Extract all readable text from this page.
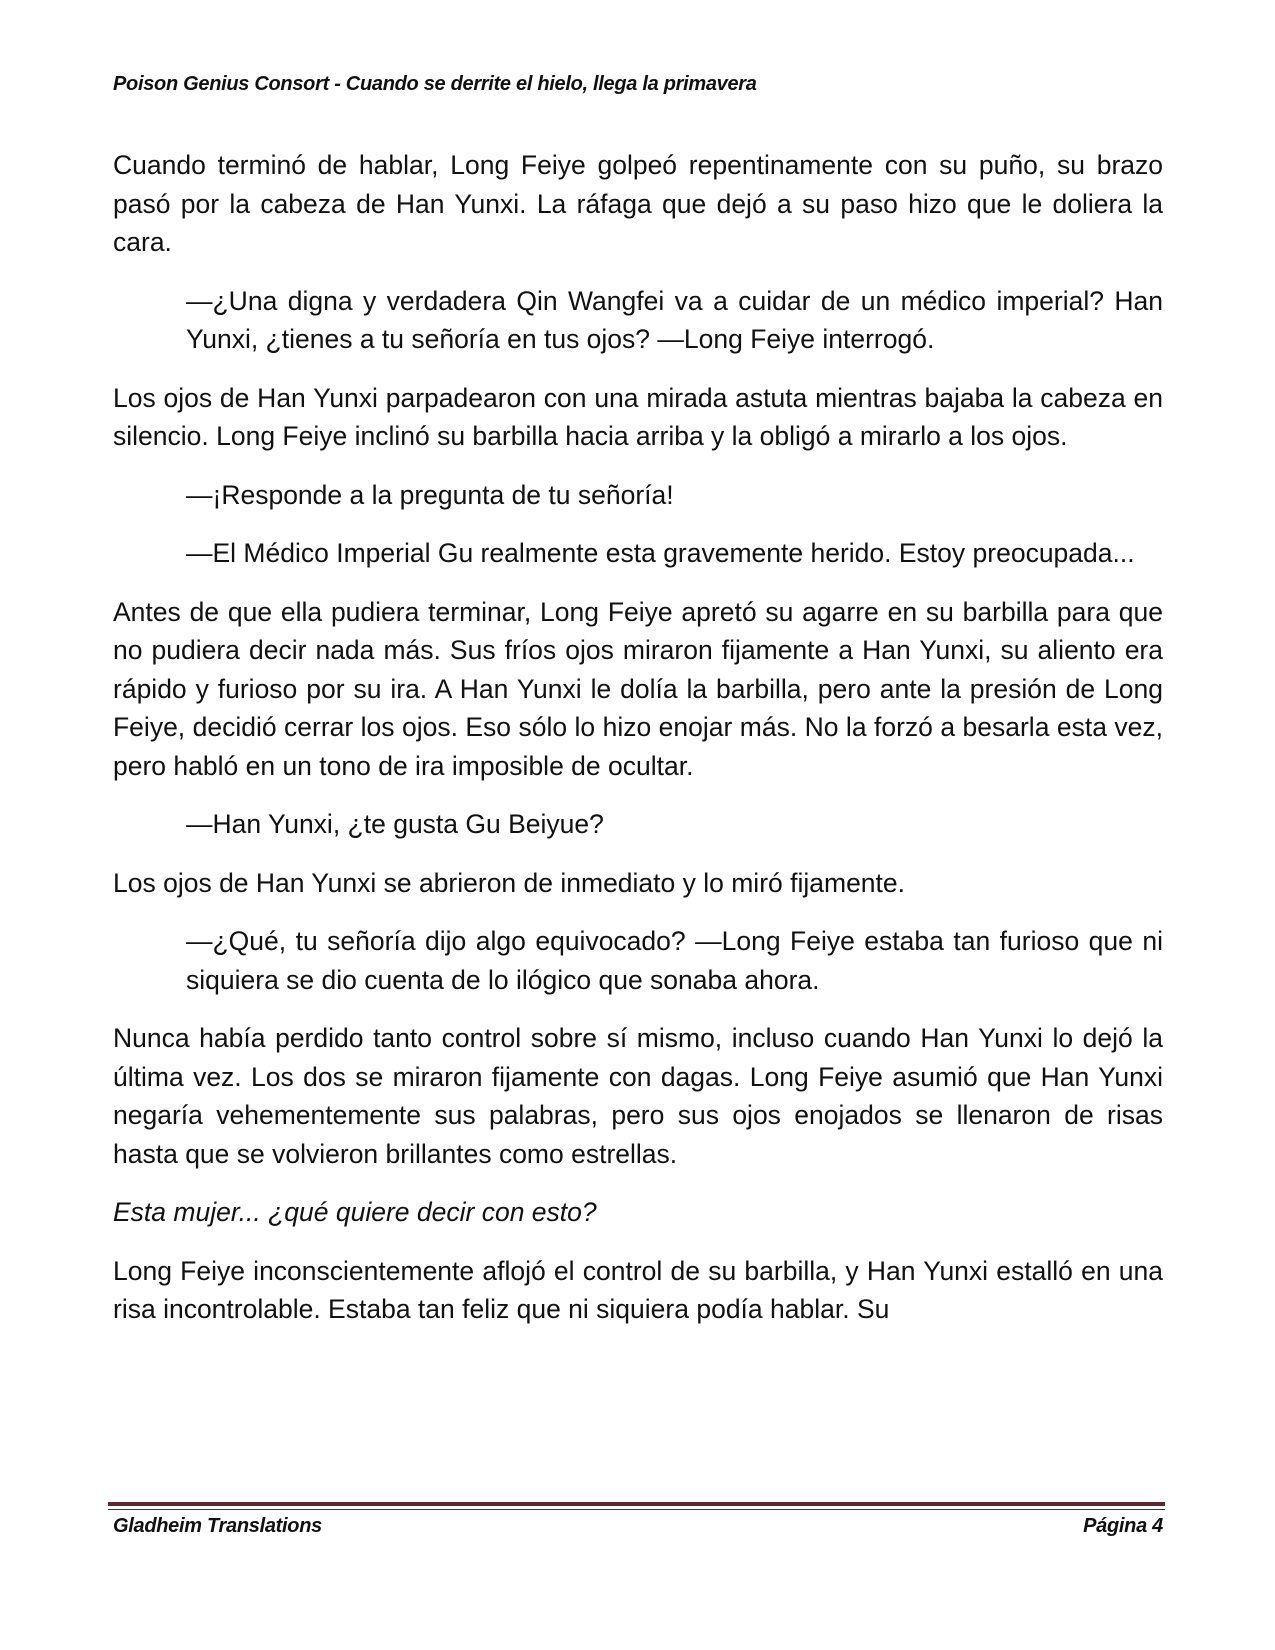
Poison Genius Consort - Cuando se derrite el hielo, llega la primavera

Cuando terminó de hablar, Long Feiye golpeó repentinamente con su puño, su brazo pasó por la cabeza de Han Yunxi. La ráfaga que dejó a su paso hizo que le doliera la cara.

—¿Una digna y verdadera Qin Wangfei va a cuidar de un médico imperial? Han Yunxi, ¿tienes a tu señoría en tus ojos? —Long Feiye interrogó.

Los ojos de Han Yunxi parpadearon con una mirada astuta mientras bajaba la cabeza en silencio. Long Feiye inclinó su barbilla hacia arriba y la obligó a mirarlo a los ojos.

—¡Responde a la pregunta de tu señoría!

—El Médico Imperial Gu realmente esta gravemente herido. Estoy preocupada...

Antes de que ella pudiera terminar, Long Feiye apretó su agarre en su barbilla para que no pudiera decir nada más. Sus fríos ojos miraron fijamente a Han Yunxi, su aliento era rápido y furioso por su ira. A Han Yunxi le dolía la barbilla, pero ante la presión de Long Feiye, decidió cerrar los ojos. Eso sólo lo hizo enojar más. No la forzó a besarla esta vez, pero habló en un tono de ira imposible de ocultar.

—Han Yunxi, ¿te gusta Gu Beiyue?

Los ojos de Han Yunxi se abrieron de inmediato y lo miró fijamente.

—¿Qué, tu señoría dijo algo equivocado? —Long Feiye estaba tan furioso que ni siquiera se dio cuenta de lo ilógico que sonaba ahora.

Nunca había perdido tanto control sobre sí mismo, incluso cuando Han Yunxi lo dejó la última vez. Los dos se miraron fijamente con dagas. Long Feiye asumió que Han Yunxi negaría vehementemente sus palabras, pero sus ojos enojados se llenaron de risas hasta que se volvieron brillantes como estrellas.

Esta mujer... ¿qué quiere decir con esto?

Long Feiye inconscientemente aflojó el control de su barbilla, y Han Yunxi estalló en una risa incontrolable. Estaba tan feliz que ni siquiera podía hablar. Su

Gladheim Translations	Página 4
